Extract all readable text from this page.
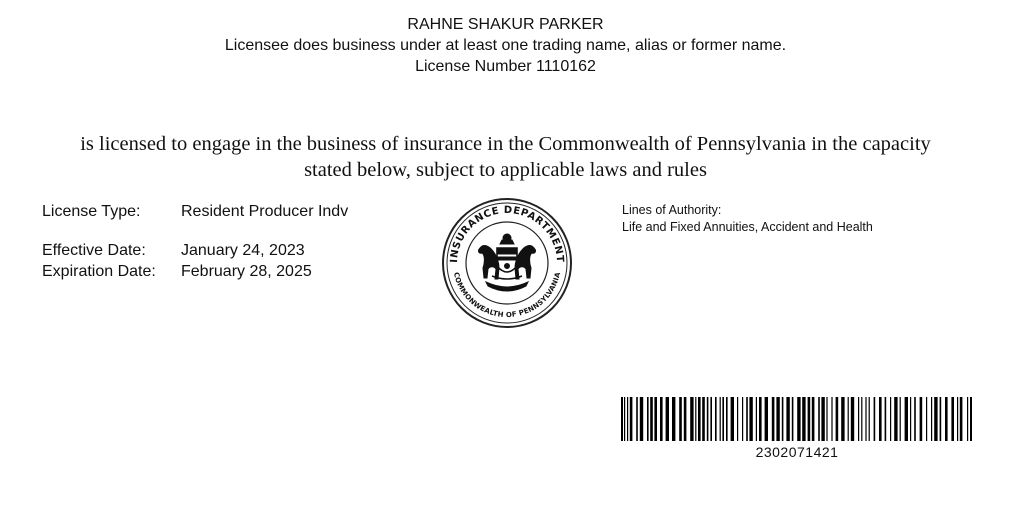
RAHNE SHAKUR PARKER
Licensee does business under at least one trading name, alias or former name.
License Number 1110162
is licensed to engage in the business of insurance in the Commonwealth of Pennsylvania in the capacity
stated below, subject to applicable laws and rules
License Type:	Resident Producer Indv
Effective Date: January 24, 2023
Expiration Date: February 28, 2025
INSURANCE DEPARTMENT
COMMONWEALTH OF PENNSYLVANIA
Lines of Authority:
Life and Fixed Annuities, Accident and Health
2302071421
